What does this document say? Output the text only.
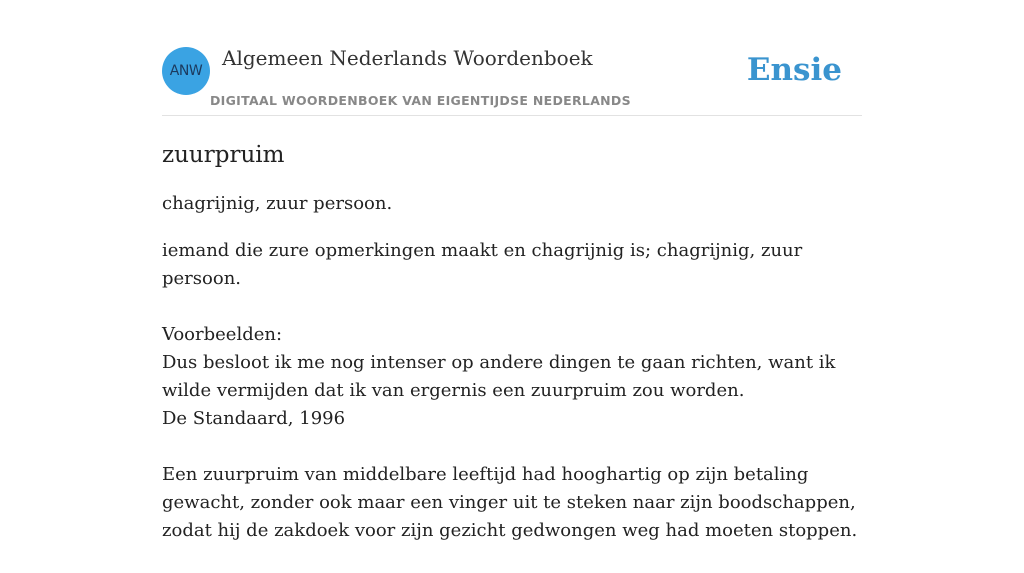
ANW
Algemeen Nederlands Woordenboek
DIGITAAL WOORDENBOEK VAN EIGENTIJDSE NEDERLANDS
Ensie
zuurpruim

chagrijnig, zuur persoon.

iemand die zure opmerkingen maakt en chagrijnig is; chagrijnig, zuur persoon.

Voorbeelden:

Dus besloot ik me nog intenser op andere dingen te gaan richten, want ik wilde vermijden dat ik van ergernis een zuurpruim zou worden.

De Standaard, 1996

Een zuurpruim van middelbare leeftijd had hooghartig op zijn betaling gewacht, zonder ook maar een vinger uit te steken naar zijn boodschappen, zodat hij de zakdoek voor zijn gezicht gedwongen weg had moeten stoppen.
